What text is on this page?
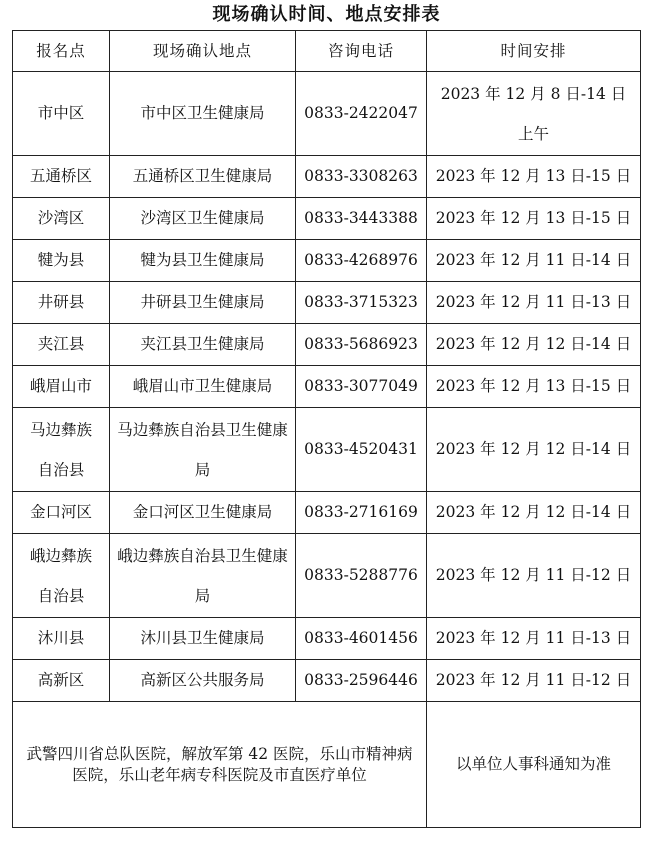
现场确认时间、地点安排表
报名点	现场确认地点	咨询电话	时间安排
市中区	市中区卫生健康局	0833-2422047	2023 年 12 月 8 日-14 日上午
五通桥区	五通桥区卫生健康局	0833-3308263	2023 年 12 月 13 日-15 日
沙湾区	沙湾区卫生健康局	0833-3443388	2023 年 12 月 13 日-15 日
犍为县	犍为县卫生健康局	0833-4268976	2023 年 12 月 11 日-14 日
井研县	井研县卫生健康局	0833-3715323	2023 年 12 月 11 日-13 日
夹江县	夹江县卫生健康局	0833-5686923	2023 年 12 月 12 日-14 日
峨眉山市	峨眉山市卫生健康局	0833-3077049	2023 年 12 月 13 日-15 日
马边彝族自治县	马边彝族自治县卫生健康局	0833-4520431	2023 年 12 月 12 日-14 日
金口河区	金口河区卫生健康局	0833-2716169	2023 年 12 月 12 日-14 日
峨边彝族自治县	峨边彝族自治县卫生健康局	0833-5288776	2023 年 12 月 11 日-12 日
沐川县	沐川县卫生健康局	0833-4601456	2023 年 12 月 11 日-13 日
高新区	高新区公共服务局	0833-2596446	2023 年 12 月 11 日-12 日
武警四川省总队医院，解放军第 42 医院，乐山市精神病医院，乐山老年病专科医院及市直医疗单位			以单位人事科通知为准
